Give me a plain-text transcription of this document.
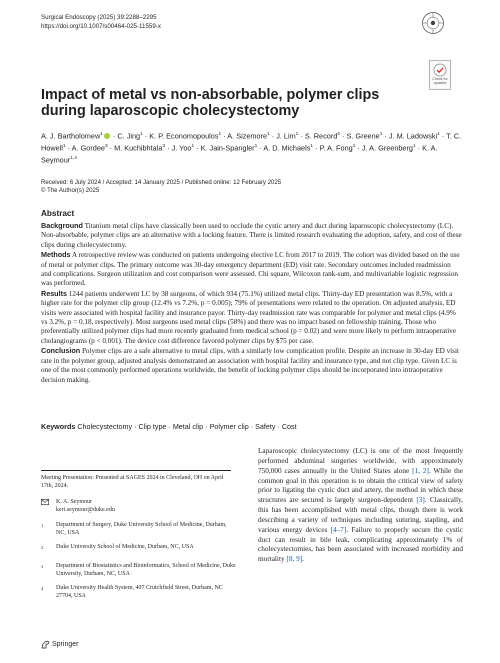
Surgical Endoscopy (2025) 39:2288–2295
https://doi.org/10.1007/s00464-025-11559-x
Check for
updates
Impact of metal vs non-absorbable, polymer clips during laparoscopic cholecystectomy
A. J. Bartholomew$^1$ · C. Jing$^1$ · K. P. Economopoulos$^1$ · A. Sizemore$^1$ · J. Lim$^1$ · S. Record$^2$ · S. Greene$^1$ · J. M. Ladowski$^1$ · T. C. Howell$^1$ · A. Gordee$^3$ · M. Kuchibhtala$^3$ · J. Yoo$^1$ · K. Jain-Spangler$^1$ · A. D. Michaels$^1$ · P. A. Fong$^1$ · J. A. Greenberg$^1$ · K. A. Seymour$^{1,4}$
Received: 6 July 2024 / Accepted: 14 January 2025 / Published online: 12 February 2025
© The Author(s) 2025
Abstract

Background Titanium metal clips have classically been used to occlude the cystic artery and duct during laparoscopic cholecystectomy (LC). Non-absorbable, polymer clips are an alternative with a locking feature. There is limited research evaluating the adoption, safety, and cost of these clips during cholecystectomy.

Methods A retrospective review was conducted on patients undergoing elective LC from 2017 to 2019. The cohort was divided based on the use of metal or polymer clips. The primary outcome was 30-day emergency department (ED) visit rate. Secondary outcomes included readmission and complications. Surgeon utilization and cost comparison were assessed. Chi square, Wilcoxon rank-sum, and multivariable logistic regression was performed.

Results 1244 patients underwent LC by 38 surgeons, of which 934 (75.1%) utilized metal clips. Thirty-day ED presentation was 8.5%, with a higher rate for the polymer clip group (12.4% vs 7.2%, p = 0.005); 79% of presentations were related to the operation. On adjusted analysis, ED visits were associated with hospital facility and insurance payor. Thirty-day readmission rate was comparable for polymer and metal clips (4.9% vs 3.2%, p = 0.18, respectively). Most surgeons used metal clips (58%) and there was no impact based on fellowship training. Those who preferentially utilized polymer clips had more recently graduated from medical school (p = 0.02) and were more likely to perform intraoperative cholangiograms (p < 0.001). The device cost difference favored polymer clips by $75 per case.

Conclusion Polymer clips are a safe alternative to metal clips, with a similarly low complication profile. Despite an increase in 30-day ED visit rate in the polymer group, adjusted analysis demonstrated an association with hospital facility and insurance type, and not clip type. Given LC is one of the most commonly performed operations worldwide, the benefit of locking polymer clips should be incorporated into intraoperative decision making.

Keywords Cholecystectomy · Clip type · Metal clip · Polymer clip · Safety · Cost

Laparoscopic cholecystectomy (LC) is one of the most frequently performed abdominal surgeries worldwide, with approximately 750,000 cases annually in the United States alone [1, 2]. While the common goal in this operation is to obtain the critical view of safety prior to ligating the cystic duct and artery, the method in which these structures are secured is largely surgeon-dependent [3]. Classically, this has been accomplished with metal clips, though there is work describing a variety of techniques including suturing, stapling, and various energy devices [4–7]. Failure to properly secure the cystic duct can result in bile leak, complicating approximately 1% of cholecystectomies, has been associated with increased morbidity and mortality [8, 9].

Meeting Presentation: Presented at SAGES 2024 in Cleveland, OH on April 17th, 2024.

K. A. Seymour
keri.seymour@duke.edu
$^1$	Department of Surgery, Duke University School of Medicine, Durham, NC, USA
$^2$	Duke University School of Medicine, Durham, NC, USA
$^3$	Department of Biostatistics and Bioinformatics, School of Medicine, Duke University, Durham, NC, USA
$^4$	Duke University Health System, 407 Crutchfield Street, Durham, NC 27704, USA
Springer
